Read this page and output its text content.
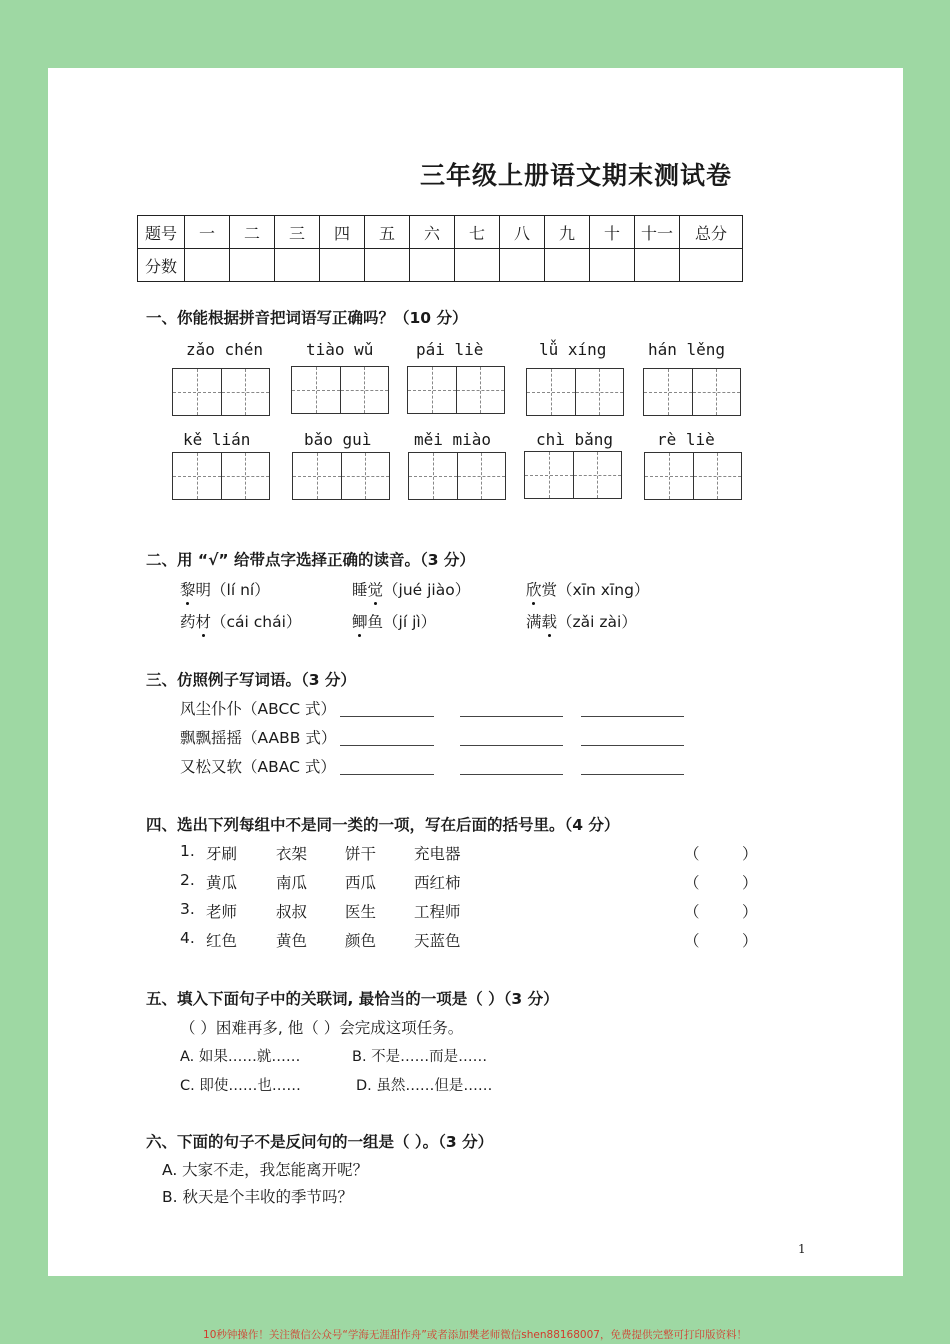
三年级上册语文期末测试卷
题号	一	二	三	四	五	六	七	八	九	十	十一	总分
分数												
一、你能根据拼音把词语写正确吗？（10 分）
zǎo chén	tiào wǔ	pái liè	lǚ xíng	hán lěng
kě lián	bǎo guì	měi miào	chì bǎng	rè liè
二、用 “√” 给带点字选择正确的读音。（3 分）
黎明（lí ní）	睡觉（jué jiào）	欣赏（xīn xīng）
药材（cái chái）	鲫鱼（jí jì）	满载（zǎi zài）
三、仿照例子写词语。（3 分）
风尘仆仆（ABCC 式）
飘飘摇摇（AABB 式）
又松又软（ABAC 式）
四、选出下列每组中不是同一类的一项，写在后面的括号里。（4 分）
1. 牙刷	衣架 饼干 充电器	（	）
2. 黄瓜	南瓜 西瓜 西红柿	（	）
3. 老师	叔叔 医生 工程师	（	）
4. 红色	黄色 颜色 天蓝色	（	）
五、填入下面句子中的关联词, 最恰当的一项是（ ）（3 分）
（ ）困难再多, 他（ ）会完成这项任务。
A. 如果……就……	B. 不是……而是……
C. 即使……也……	D. 虽然……但是……
六、下面的句子不是反问句的一组是（ ）。（3 分）
A. 大家不走，我怎能离开呢？
B. 秋天是个丰收的季节吗？
1
10秒钟操作！关注微信公众号“学海无涯甜作舟”或者添加樊老师微信shen88168007，免费提供完整可打印版资料！
